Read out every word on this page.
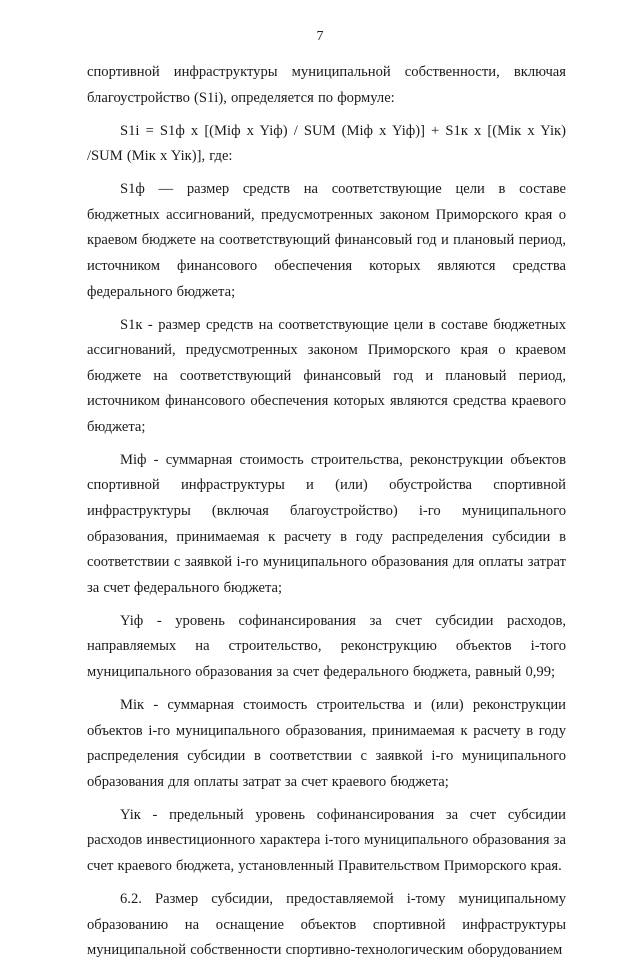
7

спортивной инфраструктуры муниципальной собственности, включая благоустройство (S1i), определяется по формуле:

S1i = S1ф x [(Miф x Yiф) / SUM (Miф x Yiф)] + S1к x [(Miк x Yiк) /SUM (Miк x Yiк)], где:

S1ф — размер средств на соответствующие цели в составе бюджетных ассигнований, предусмотренных законом Приморского края о краевом бюджете на соответствующий финансовый год и плановый период, источником финансового обеспечения которых являются средства федерального бюджета;

S1к - размер средств на соответствующие цели в составе бюджетных ассигнований, предусмотренных законом Приморского края о краевом бюджете на соответствующий финансовый год и плановый период, источником финансового обеспечения которых являются средства краевого бюджета;

Miф - суммарная стоимость строительства, реконструкции объектов спортивной инфраструктуры и (или) обустройства спортивной инфраструктуры (включая благоустройство) i-го муниципального образования, принимаемая к расчету в году распределения субсидии в соответствии с заявкой i-го муниципального образования для оплаты затрат за счет федерального бюджета;

Yiф - уровень софинансирования за счет субсидии расходов, направляемых на строительство, реконструкцию объектов i-того муниципального образования за счет федерального бюджета, равный 0,99;

Miк - суммарная стоимость строительства и (или) реконструкции объектов i-го муниципального образования, принимаемая к расчету в году распределения субсидии в соответствии с заявкой i-го муниципального образования для оплаты затрат за счет краевого бюджета;

Yiк - предельный уровень софинансирования за счет субсидии расходов инвестиционного характера i-того муниципального образования за счет краевого бюджета, установленный Правительством Приморского края.

6.2. Размер субсидии, предоставляемой i-тому муниципальному образованию на оснащение объектов спортивной инфраструктуры муниципальной собственности спортивно-технологическим оборудованием
